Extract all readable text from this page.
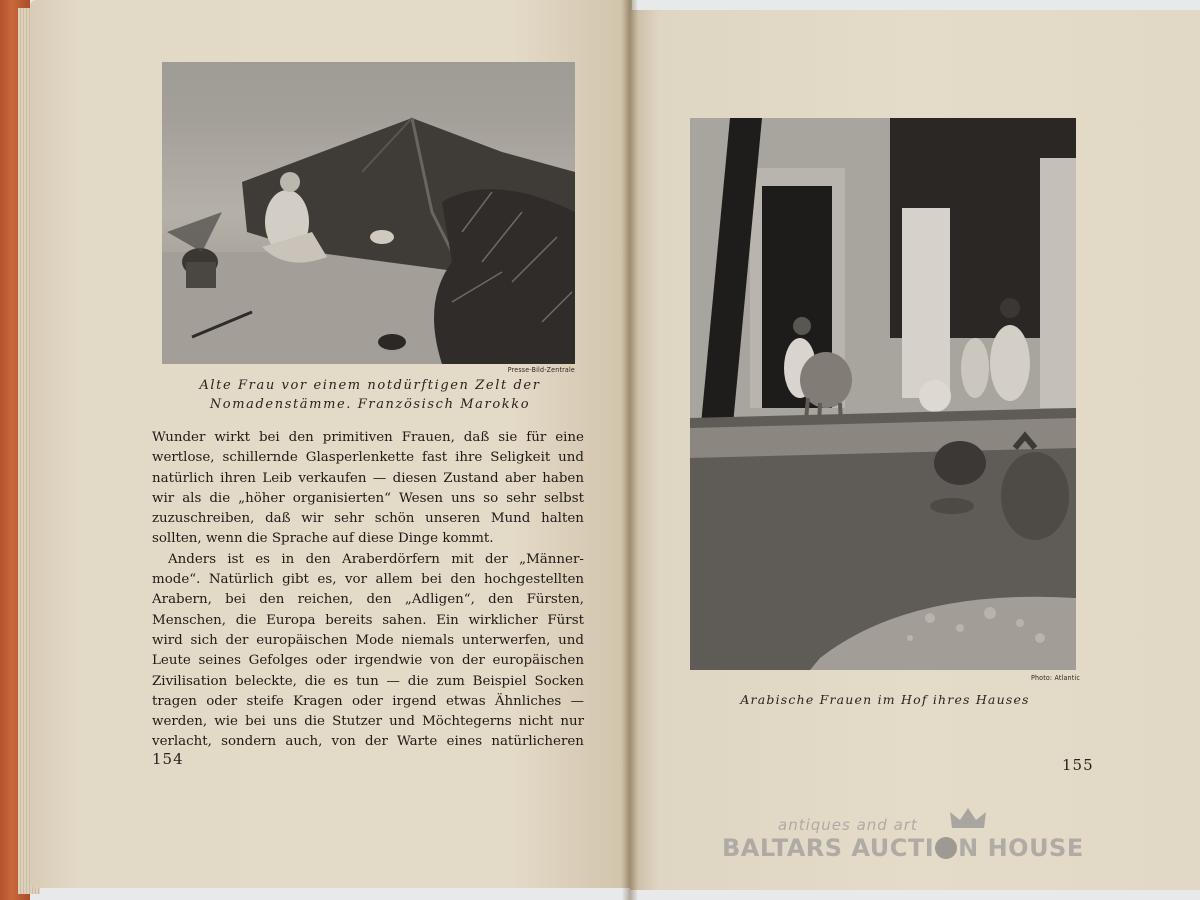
Presse-Bild-Zentrale
Alte Frau vor einem notdürftigen Zelt der
Nomadenstämme. Französisch Marokko
Wunder wirkt bei den primitiven Frauen, daß sie für eine
wertlose, schillernde Glasperlenkette fast ihre Seligkeit und
natürlich ihren Leib verkaufen — diesen Zustand aber haben
wir als die „höher organisierten“ Wesen uns so sehr selbst
zuzuschreiben, daß wir sehr schön unseren Mund halten
sollten, wenn die Sprache auf diese Dinge kommt.
Anders ist es in den Araberdörfern mit der „Männer-
mode“. Natürlich gibt es, vor allem bei den hochgestellten
Arabern, bei den reichen, den „Adligen“, den Fürsten,
Menschen, die Europa bereits sahen. Ein wirklicher Fürst
wird sich der europäischen Mode niemals unterwerfen, und
Leute seines Gefolges oder irgendwie von der europäischen
Zivilisation beleckte, die es tun — die zum Beispiel Socken
tragen oder steife Kragen oder irgend etwas Ähnliches —
werden, wie bei uns die Stutzer und Möchtegerns nicht nur
verlacht, sondern auch, von der Warte eines natürlicheren
154
Photo: Atlantic
Arabische Frauen im Hof ihres Hauses
155
antiques and art
BALTARS AUCTI N HOUSE
